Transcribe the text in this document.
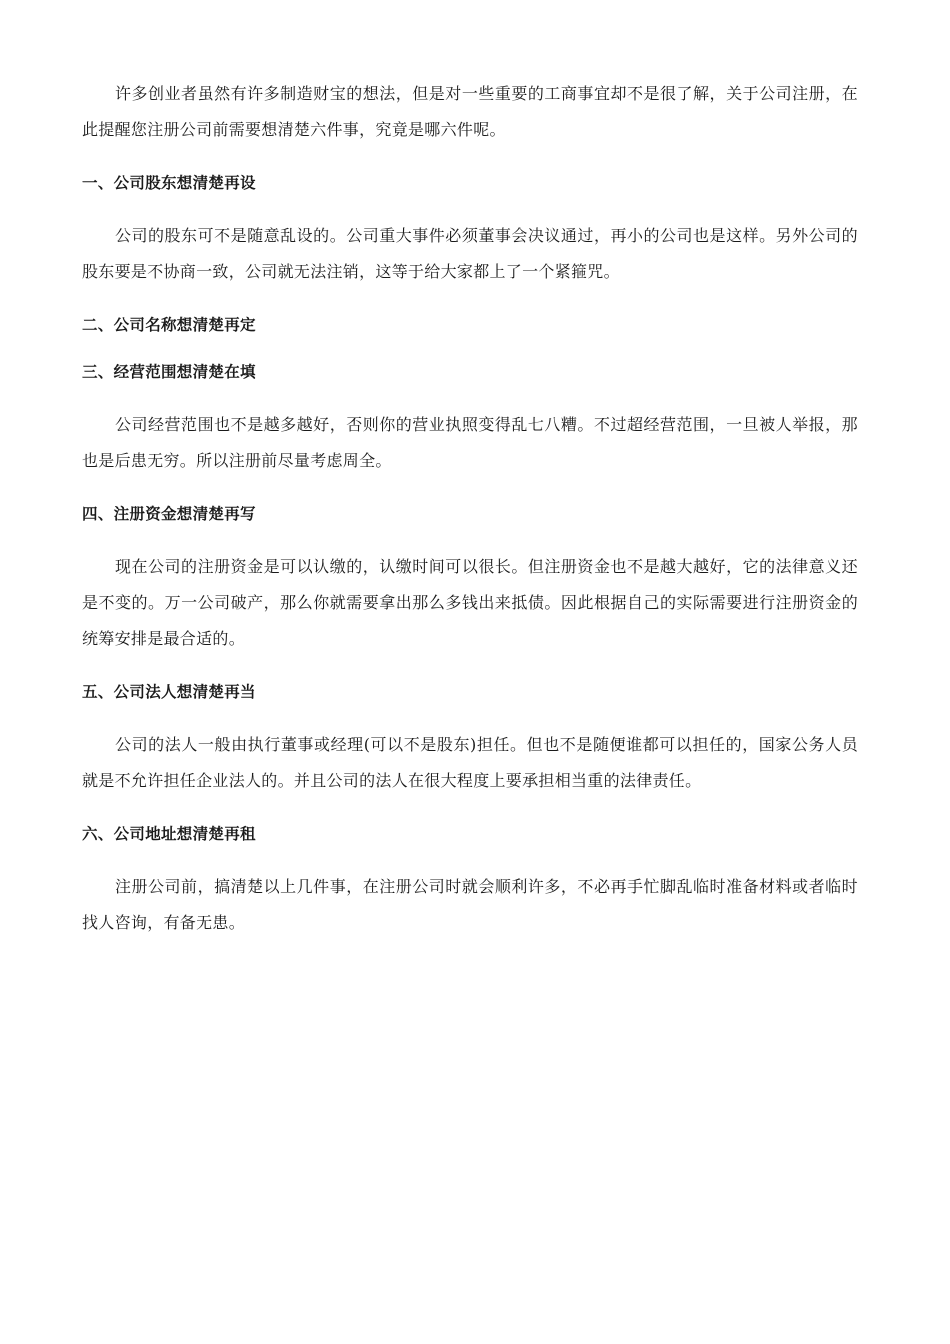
许多创业者虽然有许多制造财宝的想法，但是对一些重要的工商事宜却不是很了解，关于公司注册，在此提醒您注册公司前需要想清楚六件事，究竟是哪六件呢。

一、公司股东想清楚再设

公司的股东可不是随意乱设的。公司重大事件必须董事会决议通过，再小的公司也是这样。另外公司的股东要是不协商一致，公司就无法注销，这等于给大家都上了一个紧箍咒。

二、公司名称想清楚再定
三、经营范围想清楚在填

公司经营范围也不是越多越好，否则你的营业执照变得乱七八糟。不过超经营范围，一旦被人举报，那也是后患无穷。所以注册前尽量考虑周全。

四、注册资金想清楚再写

现在公司的注册资金是可以认缴的，认缴时间可以很长。但注册资金也不是越大越好，它的法律意义还是不变的。万一公司破产，那么你就需要拿出那么多钱出来抵债。因此根据自己的实际需要进行注册资金的统筹安排是最合适的。

五、公司法人想清楚再当

公司的法人一般由执行董事或经理(可以不是股东)担任。但也不是随便谁都可以担任的，国家公务人员就是不允许担任企业法人的。并且公司的法人在很大程度上要承担相当重的法律责任。

六、公司地址想清楚再租

注册公司前，搞清楚以上几件事，在注册公司时就会顺利许多，不必再手忙脚乱临时准备材料或者临时找人咨询，有备无患。
